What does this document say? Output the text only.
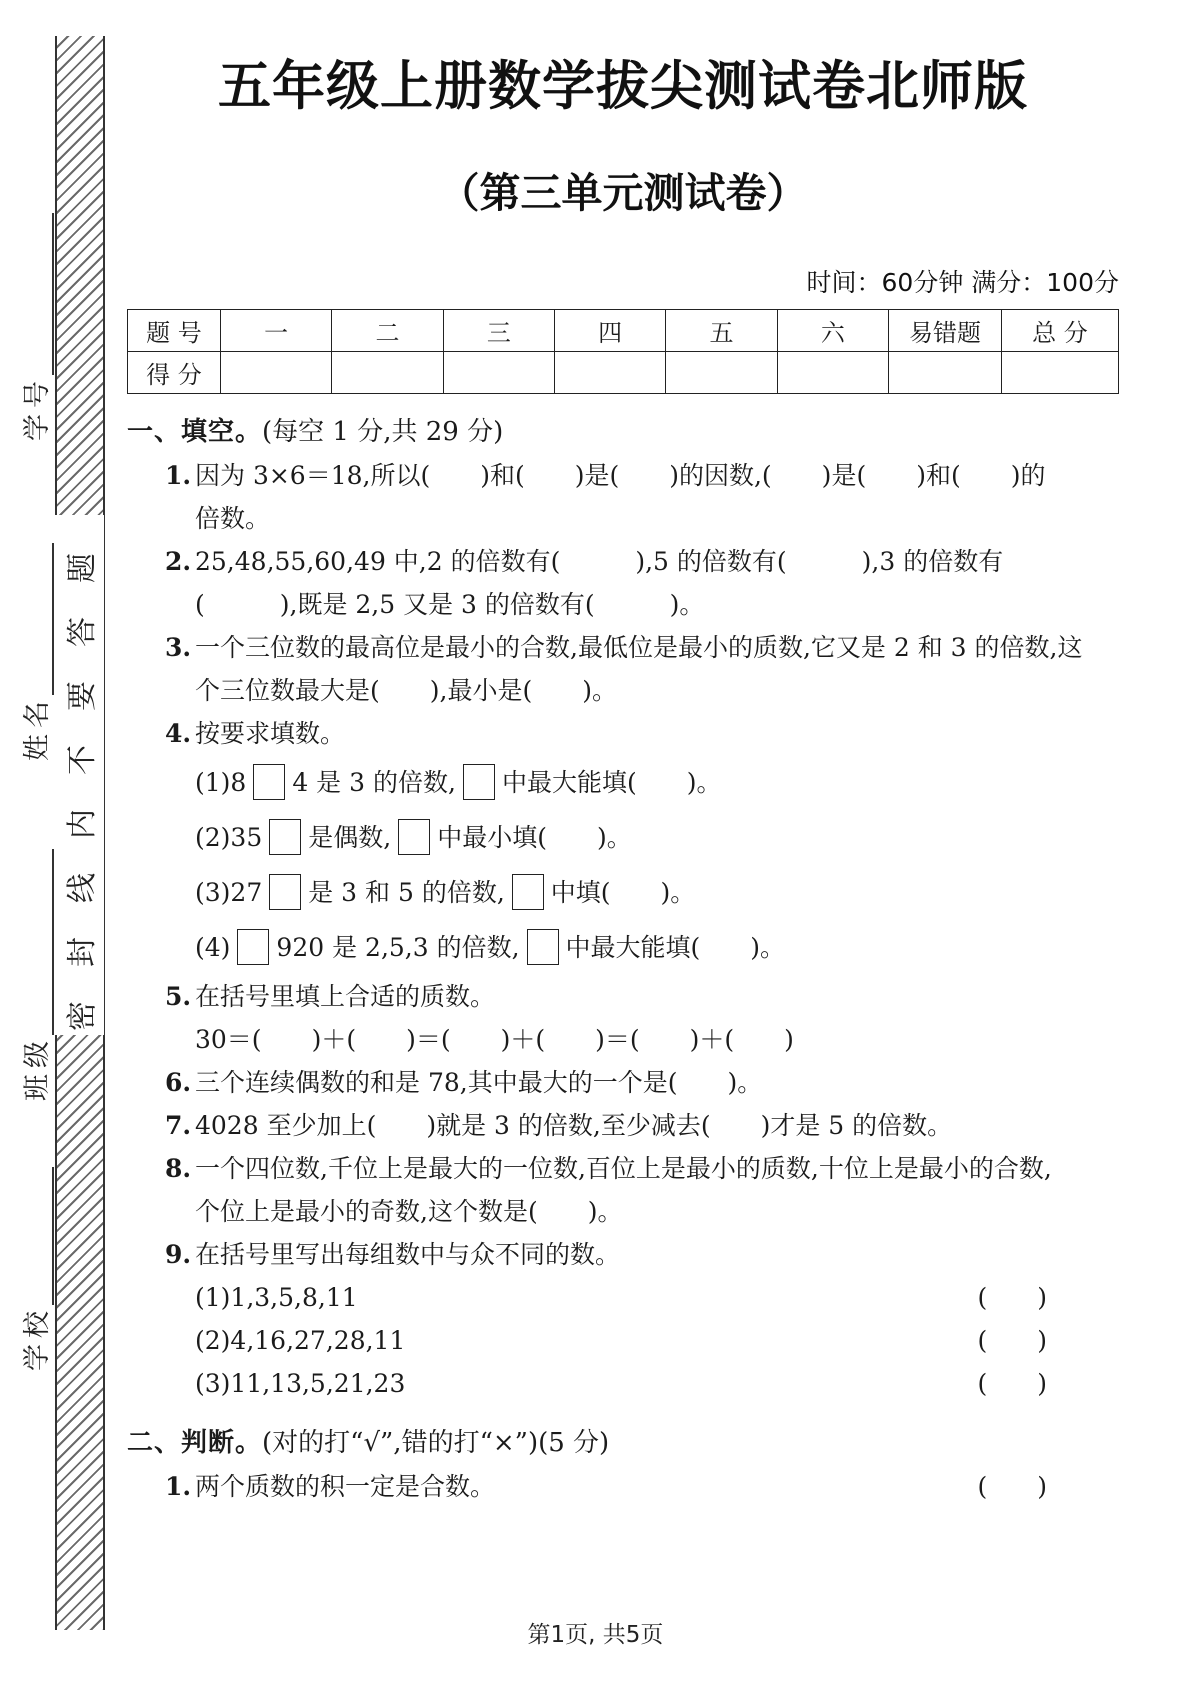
密封线内不要答题
学号
姓名
班级
学校
五年级上册数学拔尖测试卷北师版
（第三单元测试卷）
时间：60分钟 满分：100分
题 号	一	二	三	四	五	六	易错题	总 分
得 分								
一、填空。(每空 1 分,共 29 分)
1. 因为 3×6＝18,所以(　　)和(　　)是(　　)的因数,(　　)是(　　)和(　　)的
倍数。
2. 25,48,55,60,49 中,2 的倍数有(　　　),5 的倍数有(　　　),3 的倍数有
(　　　),既是 2,5 又是 3 的倍数有(　　　)。
3. 一个三位数的最高位是最小的合数,最低位是最小的质数,它又是 2 和 3 的倍数,这
个三位数最大是(　　),最小是(　　)。
4. 按要求填数。
(1)8 4 是 3 的倍数, 中最大能填(　　)。
(2)35 是偶数, 中最小填(　　)。
(3)27 是 3 和 5 的倍数, 中填(　　)。
(4) 920 是 2,5,3 的倍数, 中最大能填(　　)。
5. 在括号里填上合适的质数。
30＝(　　)＋(　　)＝(　　)＋(　　)＝(　　)＋(　　)
6. 三个连续偶数的和是 78,其中最大的一个是(　　)。
7. 4028 至少加上(　　)就是 3 的倍数,至少减去(　　)才是 5 的倍数。
8. 一个四位数,千位上是最大的一位数,百位上是最小的质数,十位上是最小的合数,
个位上是最小的奇数,这个数是(　　)。
9. 在括号里写出每组数中与众不同的数。
(1)1,3,5,8,11	(　　)
(2)4,16,27,28,11	(　　)
(3)11,13,5,21,23	(　　)
二、判断。(对的打“√”,错的打“×”)(5 分)
1. 两个质数的积一定是合数。	(　　)
第1页, 共5页
